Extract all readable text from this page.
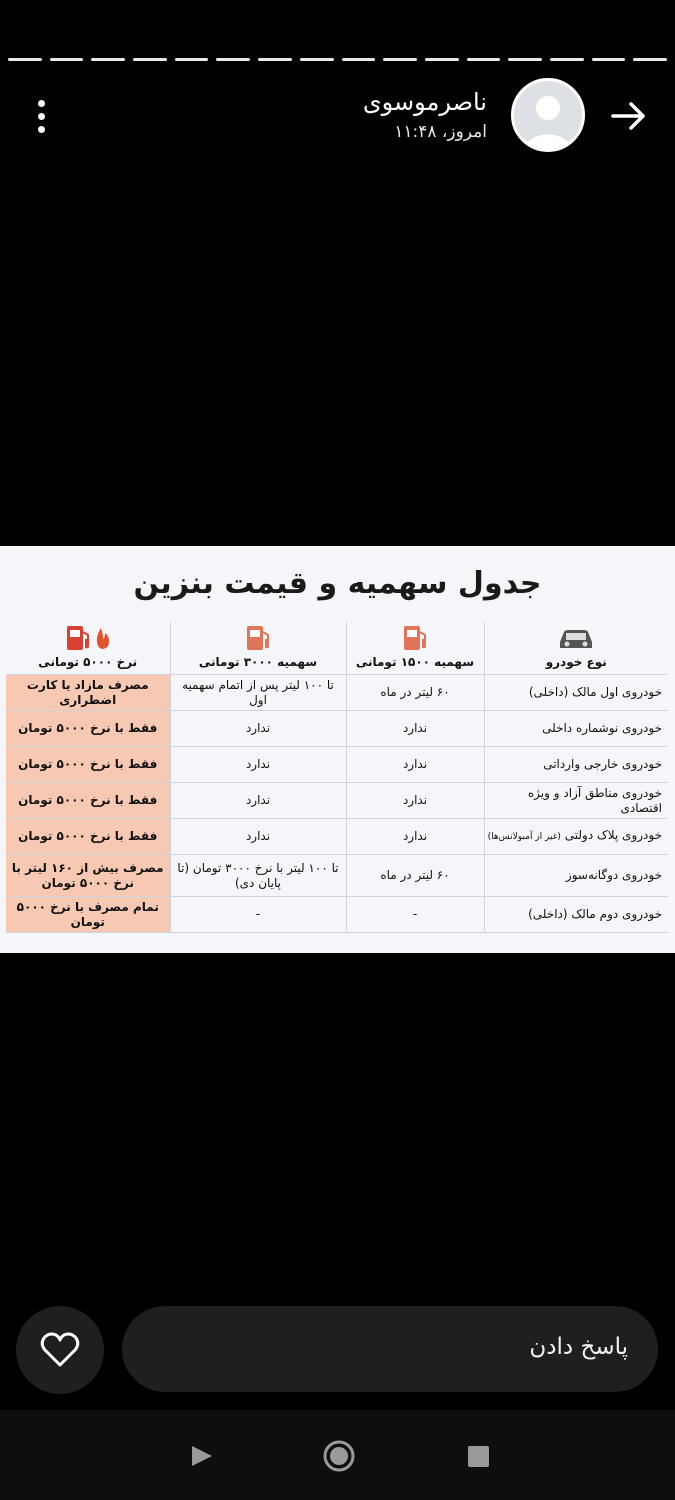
ناصرموسوی
امروز، ۱۱:۴۸
جدول سهمیه و قیمت بنزین
نوع خودرو	سهمیه ۱۵۰۰ تومانی	سهمیه ۳۰۰۰ تومانی	نرخ ۵۰۰۰ تومانی
خودروی اول مالک (داخلی)	۶۰ لیتر در ماه	تا ۱۰۰ لیتر پس از اتمام سهمیه اول	مصرف مازاد یا کارت اضطراری
خودروی نوشماره داخلی	ندارد	ندارد	فقط با نرخ ۵۰۰۰ تومان
خودروی خارجی وارداتی	ندارد	ندارد	فقط با نرخ ۵۰۰۰ تومان
خودروی مناطق آزاد و ویژه اقتصادی	ندارد	ندارد	فقط با نرخ ۵۰۰۰ تومان
خودروی پلاک دولتی (غیر از آمبولانس‌ها)	ندارد	ندارد	فقط با نرخ ۵۰۰۰ تومان
خودروی دوگانه‌سوز	۶۰ لیتر در ماه	تا ۱۰۰ لیتر با نرخ ۳۰۰۰ تومان (تا پایان دی)	مصرف بیش از ۱۶۰ لیتر با نرخ ۵۰۰۰ تومان
خودروی دوم مالک (داخلی)	-	-	تمام مصرف با نرخ ۵۰۰۰ تومان
پاسخ دادن
